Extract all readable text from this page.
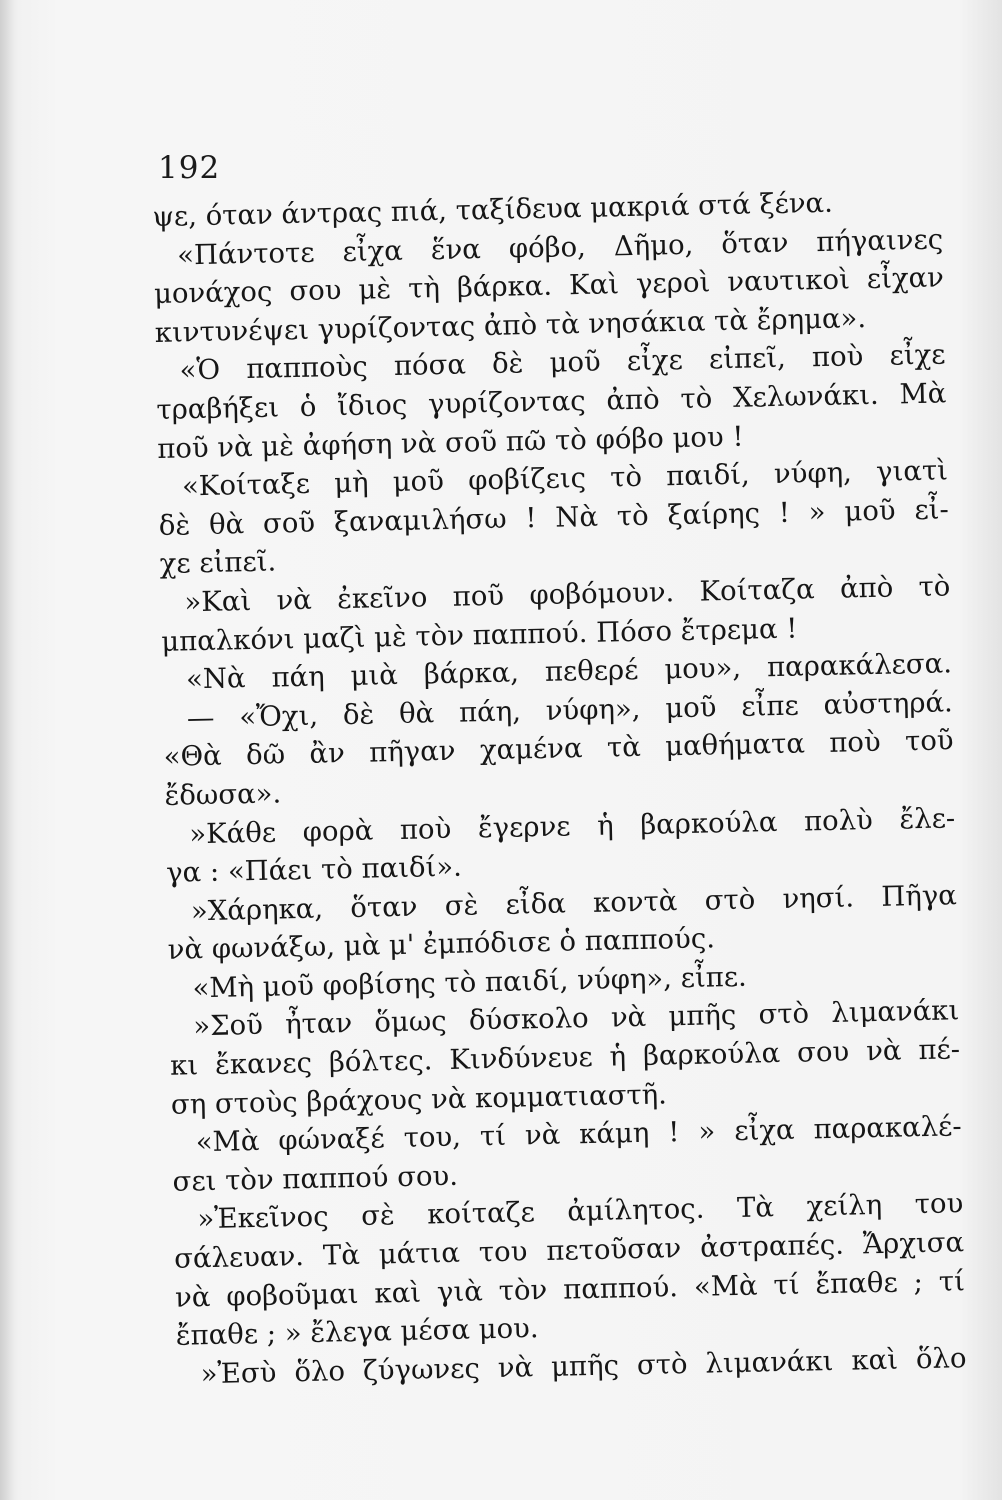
192
ψε, όταν άντρας πιά, ταξίδευα μακριά στά ξένα.
«Πάντοτε εἶχα ἕνα φόβο, Δῆμο, ὅταν πήγαινες
μονάχος σου μὲ τὴ βάρκα. Καὶ γεροὶ ναυτικοὶ εἶχαν
κιντυνέψει γυρίζοντας ἀπὸ τὰ νησάκια τὰ ἔρημα».
«Ὁ παπποὺς πόσα δὲ μοῦ εἶχε εἰπεῖ, ποὺ εἶχε
τραβήξει ὁ ἴδιος γυρίζοντας ἀπὸ τὸ Χελωνάκι. Μὰ
ποῦ νὰ μὲ ἀφήση νὰ σοῦ πῶ τὸ φόβο μου !
«Κοίταξε μὴ μοῦ φοβίζεις τὸ παιδί, νύφη, γιατὶ
δὲ θὰ σοῦ ξαναμιλήσω ! Νὰ τὸ ξαίρης ! » μοῦ εἶ-
χε εἰπεῖ.
»Καὶ νὰ ἐκεῖνο ποῦ φοβόμουν. Κοίταζα ἀπὸ τὸ
μπαλκόνι μαζὶ μὲ τὸν παππού. Πόσο ἔτρεμα !
«Νὰ πάη μιὰ βάρκα, πεθερέ μου», παρακάλεσα.
— «Ὄχι, δὲ θὰ πάη, νύφη», μοῦ εἶπε αὐστηρά.
«Θὰ δῶ ἂν πῆγαν χαμένα τὰ μαθήματα ποὺ τοῦ
ἔδωσα».
»Κάθε φορὰ ποὺ ἔγερνε ἡ βαρκούλα πολὺ ἔλε-
γα : «Πάει τὸ παιδί».
»Χάρηκα, ὅταν σὲ εἶδα κοντὰ στὸ νησί. Πῆγα
νὰ φωνάξω, μὰ μ' ἐμπόδισε ὁ παππούς.
«Μὴ μοῦ φοβίσης τὸ παιδί, νύφη», εἶπε.
»Σοῦ ἦταν ὅμως δύσκολο νὰ μπῆς στὸ λιμανάκι
κι ἔκανες βόλτες. Κινδύνευε ἡ βαρκούλα σου νὰ πέ-
ση στοὺς βράχους νὰ κομματιαστῆ.
«Μὰ φώναξέ του, τί νὰ κάμη ! » εἶχα παρακαλέ-
σει τὸν παππού σου.
»Ἐκεῖνος σὲ κοίταζε ἀμίλητος. Τὰ χείλη του
σάλευαν. Τὰ μάτια του πετοῦσαν ἀστραπές. Ἄρχισα
νὰ φοβοῦμαι καὶ γιὰ τὸν παππού. «Μὰ τί ἔπαθε ; τί
ἔπαθε ; » ἔλεγα μέσα μου.
»Ἐσὺ ὅλο ζύγωνες νὰ μπῆς στὸ λιμανάκι καὶ ὅλο
